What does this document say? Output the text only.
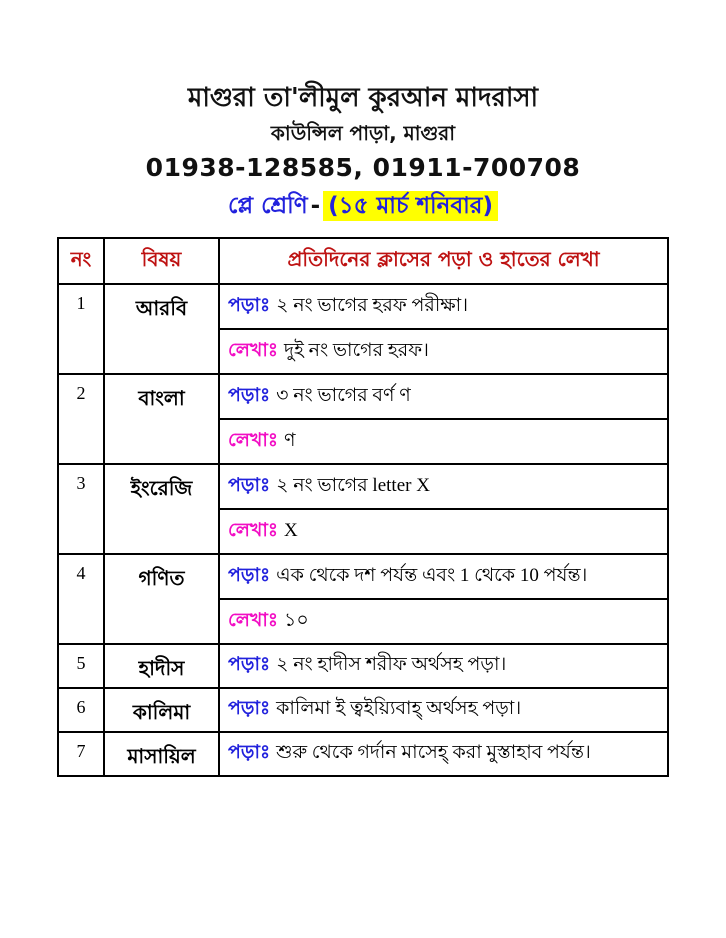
মাগুরা তা'লীমুল কুরআন মাদরাসা
কাউন্সিল পাড়া, মাগুরা
01938-128585, 01911-700708
প্লে শ্রেণি - (১৫ মার্চ শনিবার)
নং	বিষয়	প্রতিদিনের ক্লাসের পড়া ও হাতের লেখা
1	আরবি	পড়াঃ ২ নং ভাগের হরফ পরীক্ষা।
		লেখাঃ দুই নং ভাগের হরফ।
2	বাংলা	পড়াঃ ৩ নং ভাগের বর্ণ ণ
		লেখাঃ ণ
3	ইংরেজি	পড়াঃ ২ নং ভাগের letter X
		লেখাঃ X
4	গণিত	পড়াঃ এক থেকে দশ পর্যন্ত এবং 1 থেকে 10 পর্যন্ত।
		লেখাঃ ১০
5	হাদীস	পড়াঃ ২ নং হাদীস শরীফ অর্থসহ পড়া।
6	কালিমা	পড়াঃ কালিমা ই ত্বইয়্যিবাহ্ অর্থসহ পড়া।
7	মাসায়িল	পড়াঃ শুরু থেকে গর্দান মাসেহ্ করা মুস্তাহাব পর্যন্ত।
